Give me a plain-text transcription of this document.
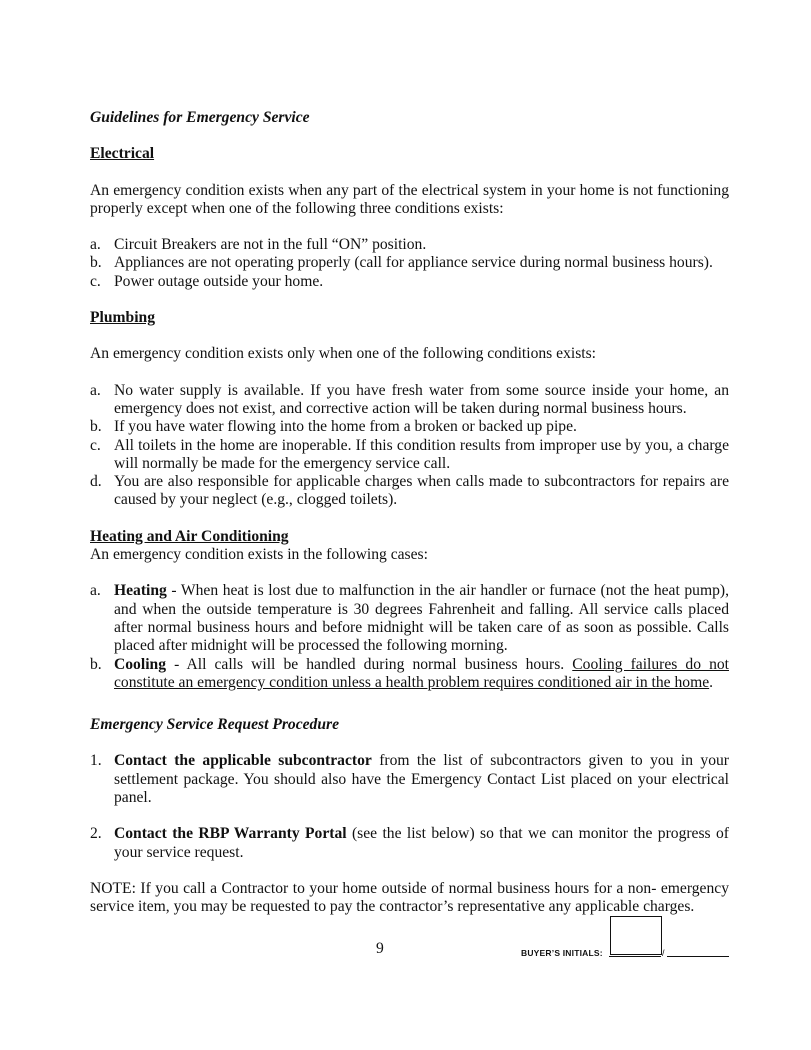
Guidelines for Emergency Service

Electrical

An emergency condition exists when any part of the electrical system in your home is not functioning properly except when one of the following three conditions exists:

a. Circuit Breakers are not in the full “ON” position.
b. Appliances are not operating properly (call for appliance service during normal business hours).
c. Power outage outside your home.

Plumbing

An emergency condition exists only when one of the following conditions exists:

a. No water supply is available. If you have fresh water from some source inside your home, an emergency does not exist, and corrective action will be taken during normal business hours.
b. If you have water flowing into the home from a broken or backed up pipe.
c. All toilets in the home are inoperable. If this condition results from improper use by you, a charge will normally be made for the emergency service call.
d. You are also responsible for applicable charges when calls made to subcontractors for repairs are caused by your neglect (e.g., clogged toilets).

Heating and Air Conditioning

An emergency condition exists in the following cases:

a. Heating - When heat is lost due to malfunction in the air handler or furnace (not the heat pump), and when the outside temperature is 30 degrees Fahrenheit and falling. All service calls placed after normal business hours and before midnight will be taken care of as soon as possible. Calls placed after midnight will be processed the following morning.
b. Cooling - All calls will be handled during normal business hours. Cooling failures do not constitute an emergency condition unless a health problem requires conditioned air in the home.

Emergency Service Request Procedure

1. Contact the applicable subcontractor from the list of subcontractors given to you in your settlement package. You should also have the Emergency Contact List placed on your electrical panel.
2. Contact the RBP Warranty Portal (see the list below) so that we can monitor the progress of your service request.

NOTE: If you call a Contractor to your home outside of normal business hours for a non- emergency service item, you may be requested to pay the contractor’s representative any applicable charges.

9	BUYER’S INITIALS:	/
